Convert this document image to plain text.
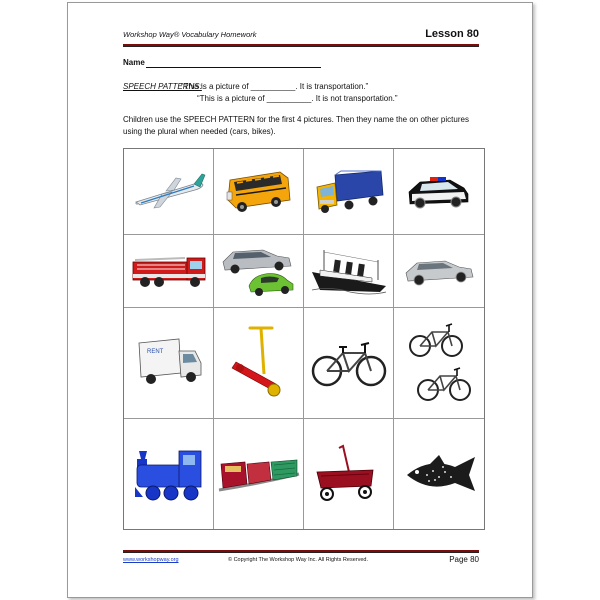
Workshop Way® Vocabulary Homework	Lesson 80
Name
SPEECH PATTERNS:
“This is a picture of __________. It is transportation.”
“This is a picture of __________. It is not transportation.”
Children use the SPEECH PATTERN for the first 4 pictures. Then they name the on other pictures using the plural when needed (cars, bikes).
RENT
www.workshopway.org	© Copyright The Workshop Way Inc. All Rights Reserved.	Page 80
